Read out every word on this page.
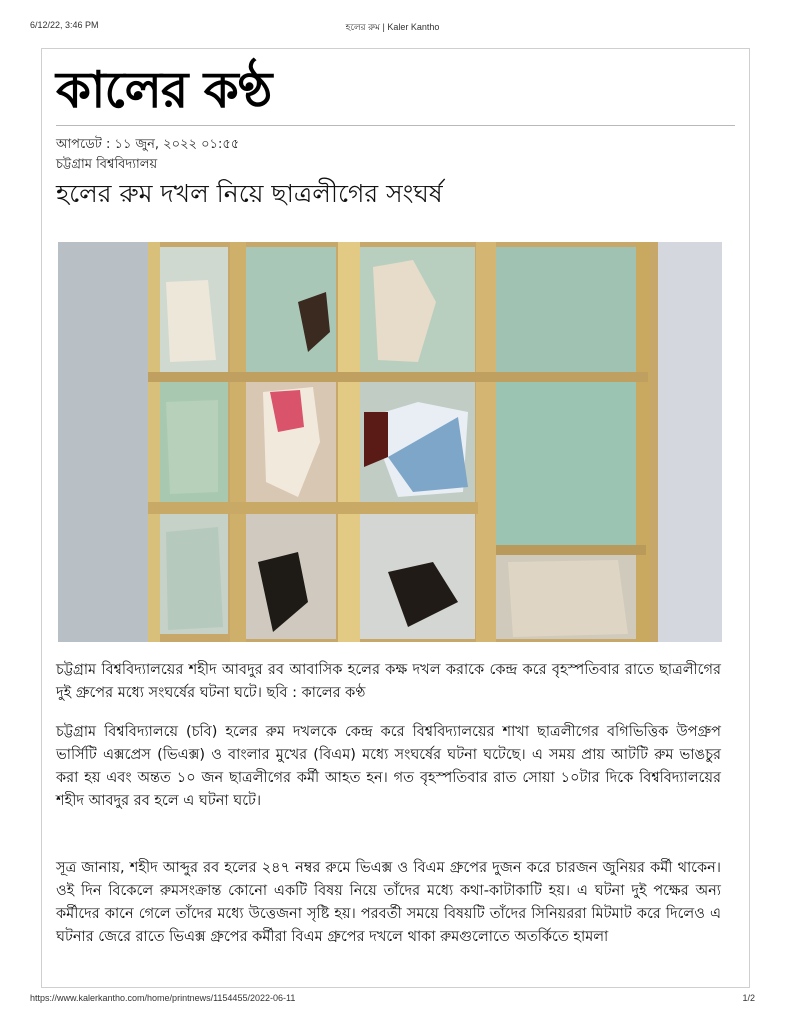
6/12/22, 3:46 PM	হলের রুম | Kaler Kantho
কালের কণ্ঠ
আপডেট : ১১ জুন, ২০২২ ০১:৫৫
চট্টগ্রাম বিশ্ববিদ্যালয়
হলের রুম দখল নিয়ে ছাত্রলীগের সংঘর্ষ

চট্টগ্রাম বিশ্ববিদ্যালয়ের শহীদ আবদুর রব আবাসিক হলের কক্ষ দখল করাকে কেন্দ্র করে বৃহস্পতিবার রাতে ছাত্রলীগের দুই গ্রুপের মধ্যে সংঘর্ষের ঘটনা ঘটে। ছবি : কালের কণ্ঠ

চট্টগ্রাম বিশ্ববিদ্যালয়ে (চবি) হলের রুম দখলকে কেন্দ্র করে বিশ্ববিদ্যালয়ের শাখা ছাত্রলীগের বগিভিত্তিক উপগ্রুপ ভার্সিটি এক্সপ্রেস (ভিএক্স) ও বাংলার মুখের (বিএম) মধ্যে সংঘর্ষের ঘটনা ঘটেছে। এ সময় প্রায় আটটি রুম ভাঙচুর করা হয় এবং অন্তত ১০ জন ছাত্রলীগের কর্মী আহত হন। গত বৃহস্পতিবার রাত সোয়া ১০টার দিকে বিশ্ববিদ্যালয়ের শহীদ আবদুর রব হলে এ ঘটনা ঘটে।

সূত্র জানায়, শহীদ আব্দুর রব হলের ২৪৭ নম্বর রুমে ভিএক্স ও বিএম গ্রুপের দুজন করে চারজন জুনিয়র কর্মী থাকেন। ওই দিন বিকেলে রুমসংক্রান্ত কোনো একটি বিষয় নিয়ে তাঁদের মধ্যে কথা-কাটাকাটি হয়। এ ঘটনা দুই পক্ষের অন্য কর্মীদের কানে গেলে তাঁদের মধ্যে উত্তেজনা সৃষ্টি হয়। পরবর্তী সময়ে বিষয়টি তাঁদের সিনিয়ররা মিটমাট করে দিলেও এ ঘটনার জেরে রাতে ভিএক্স গ্রুপের কর্মীরা বিএম গ্রুপের দখলে থাকা রুমগুলোতে অতর্কিতে হামলা

https://www.kalerkantho.com/home/printnews/1154455/2022-06-11	1/2
